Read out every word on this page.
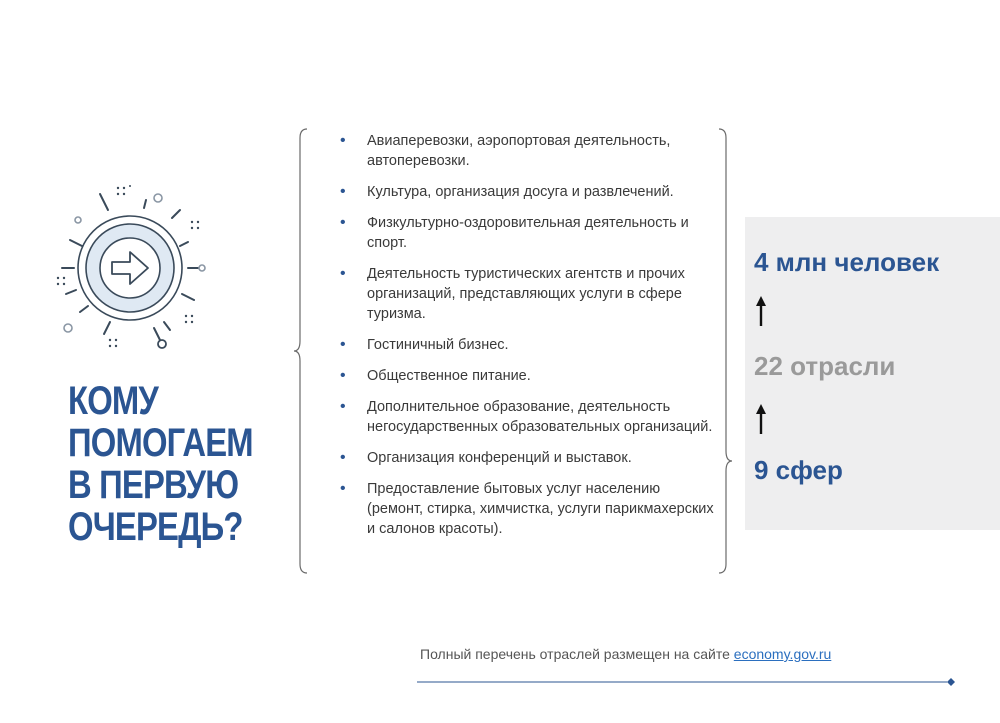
КОМУ
ПОМОГАЕМ
В ПЕРВУЮ
ОЧЕРЕДЬ?
• Авиаперевозки, аэропортовая деятельность, автоперевозки.
• Культура, организация досуга и развлечений.
• Физкультурно-оздоровительная деятельность и спорт.
• Деятельность туристических агентств и прочих организаций, представляющих услуги в сфере туризма.
• Гостиничный бизнес.
• Общественное питание.
• Дополнительное образование, деятельность негосударственных образовательных организаций.
• Организация конференций и выставок.
• Предоставление бытовых услуг населению (ремонт, стирка, химчистка, услуги парикмахерских и салонов красоты).
4 млн человек
22 отрасли
9 сфер
Полный перечень отраслей размещен на сайте economy.gov.ru
